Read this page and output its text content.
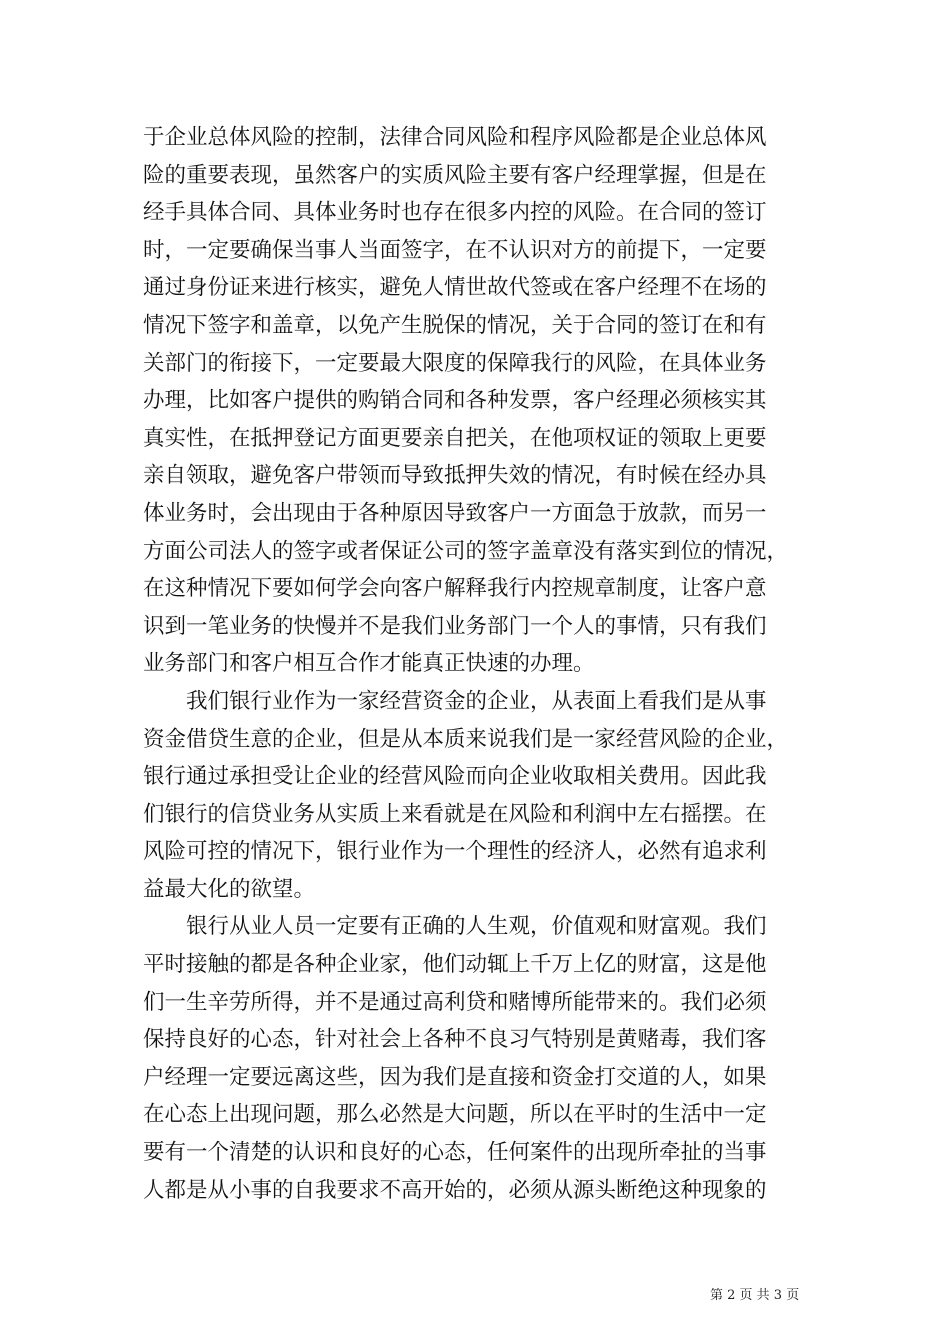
于企业总体风险的控制，法律合同风险和程序风险都是企业总体风
险的重要表现，虽然客户的实质风险主要有客户经理掌握，但是在
经手具体合同、具体业务时也存在很多内控的风险。在合同的签订
时，一定要确保当事人当面签字，在不认识对方的前提下，一定要
通过身份证来进行核实，避免人情世故代签或在客户经理不在场的
情况下签字和盖章，以免产生脱保的情况，关于合同的签订在和有
关部门的衔接下，一定要最大限度的保障我行的风险，在具体业务
办理，比如客户提供的购销合同和各种发票，客户经理必须核实其
真实性，在抵押登记方面更要亲自把关，在他项权证的领取上更要
亲自领取，避免客户带领而导致抵押失效的情况，有时候在经办具
体业务时，会出现由于各种原因导致客户一方面急于放款，而另一
方面公司法人的签字或者保证公司的签字盖章没有落实到位的情况，
在这种情况下要如何学会向客户解释我行内控规章制度，让客户意
识到一笔业务的快慢并不是我们业务部门一个人的事情，只有我们
业务部门和客户相互合作才能真正快速的办理。
　　我们银行业作为一家经营资金的企业，从表面上看我们是从事
资金借贷生意的企业，但是从本质来说我们是一家经营风险的企业，
银行通过承担受让企业的经营风险而向企业收取相关费用。因此我
们银行的信贷业务从实质上来看就是在风险和利润中左右摇摆。在
风险可控的情况下，银行业作为一个理性的经济人，必然有追求利
益最大化的欲望。
　　银行从业人员一定要有正确的人生观，价值观和财富观。我们
平时接触的都是各种企业家，他们动辄上千万上亿的财富，这是他
们一生辛劳所得，并不是通过高利贷和赌博所能带来的。我们必须
保持良好的心态，针对社会上各种不良习气特别是黄赌毒，我们客
户经理一定要远离这些，因为我们是直接和资金打交道的人，如果
在心态上出现问题，那么必然是大问题，所以在平时的生活中一定
要有一个清楚的认识和良好的心态，任何案件的出现所牵扯的当事
人都是从小事的自我要求不高开始的，必须从源头断绝这种现象的
第 2 页 共 3 页
